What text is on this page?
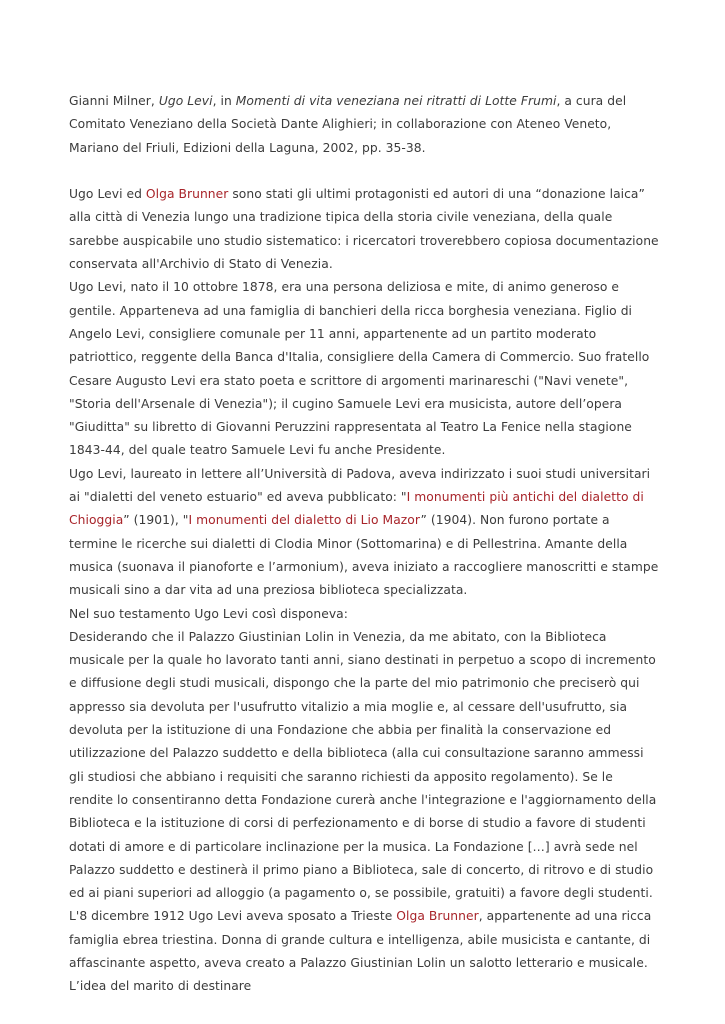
Gianni Milner, Ugo Levi, in Momenti di vita veneziana nei ritratti di Lotte Frumi, a cura del Comitato Veneziano della Società Dante Alighieri; in collaborazione con Ateneo Veneto, Mariano del Friuli, Edizioni della Laguna, 2002, pp. 35-38.

Ugo Levi ed Olga Brunner sono stati gli ultimi protagonisti ed autori di una “donazione laica” alla città di Venezia lungo una tradizione tipica della storia civile veneziana, della quale sarebbe auspicabile uno studio sistematico: i ricercatori troverebbero copiosa documentazione conservata all'Archivio di Stato di Venezia.

Ugo Levi, nato il 10 ottobre 1878, era una persona deliziosa e mite, di animo generoso e gentile. Apparteneva ad una famiglia di banchieri della ricca borghesia veneziana. Figlio di Angelo Levi, consigliere comunale per 11 anni, appartenente ad un partito moderato patriottico, reggente della Banca d'Italia, consigliere della Camera di Commercio. Suo fratello Cesare Augusto Levi era stato poeta e scrittore di argomenti marinareschi ("Navi venete", "Storia dell'Arsenale di Venezia"); il cugino Samuele Levi era musicista, autore dell’opera "Giuditta" su libretto di Giovanni Peruzzini rappresentata al Teatro La Fenice nella stagione 1843-44, del quale teatro Samuele Levi fu anche Presidente.

Ugo Levi, laureato in lettere all’Università di Padova, aveva indirizzato i suoi studi universitari ai "dialetti del veneto estuario" ed aveva pubblicato: "I monumenti più antichi del dialetto di Chioggia” (1901), "I monumenti del dialetto di Lio Mazor” (1904). Non furono portate a termine le ricerche sui dialetti di Clodia Minor (Sottomarina) e di Pellestrina. Amante della musica (suonava il pianoforte e l’armonium), aveva iniziato a raccogliere manoscritti e stampe musicali sino a dar vita ad una preziosa biblioteca specializzata.

Nel suo testamento Ugo Levi così disponeva:

Desiderando che il Palazzo Giustinian Lolin in Venezia, da me abitato, con la Biblioteca musicale per la quale ho lavorato tanti anni, siano destinati in perpetuo a scopo di incremento e diffusione degli studi musicali, dispongo che la parte del mio patrimonio che preciserò qui appresso sia devoluta per l'usufrutto vitalizio a mia moglie e, al cessare dell'usufrutto, sia devoluta per la istituzione di una Fondazione che abbia per finalità la conservazione ed utilizzazione del Palazzo suddetto e della biblioteca (alla cui consultazione saranno ammessi gli studiosi che abbiano i requisiti che saranno richiesti da apposito regolamento). Se le rendite lo consentiranno detta Fondazione curerà anche l'integrazione e l'aggiornamento della Biblioteca e la istituzione di corsi di perfezionamento e di borse di studio a favore di studenti dotati di amore e di particolare inclinazione per la musica. La Fondazione […] avrà sede nel Palazzo suddetto e destinerà il primo piano a Biblioteca, sale di concerto, di ritrovo e di studio ed ai piani superiori ad alloggio (a pagamento o, se possibile, gratuiti) a favore degli studenti.

L'8 dicembre 1912 Ugo Levi aveva sposato a Trieste Olga Brunner, appartenente ad una ricca famiglia ebrea triestina. Donna di grande cultura e intelligenza, abile musicista e cantante, di affascinante aspetto, aveva creato a Palazzo Giustinian Lolin un salotto letterario e musicale. L’idea del marito di destinare
